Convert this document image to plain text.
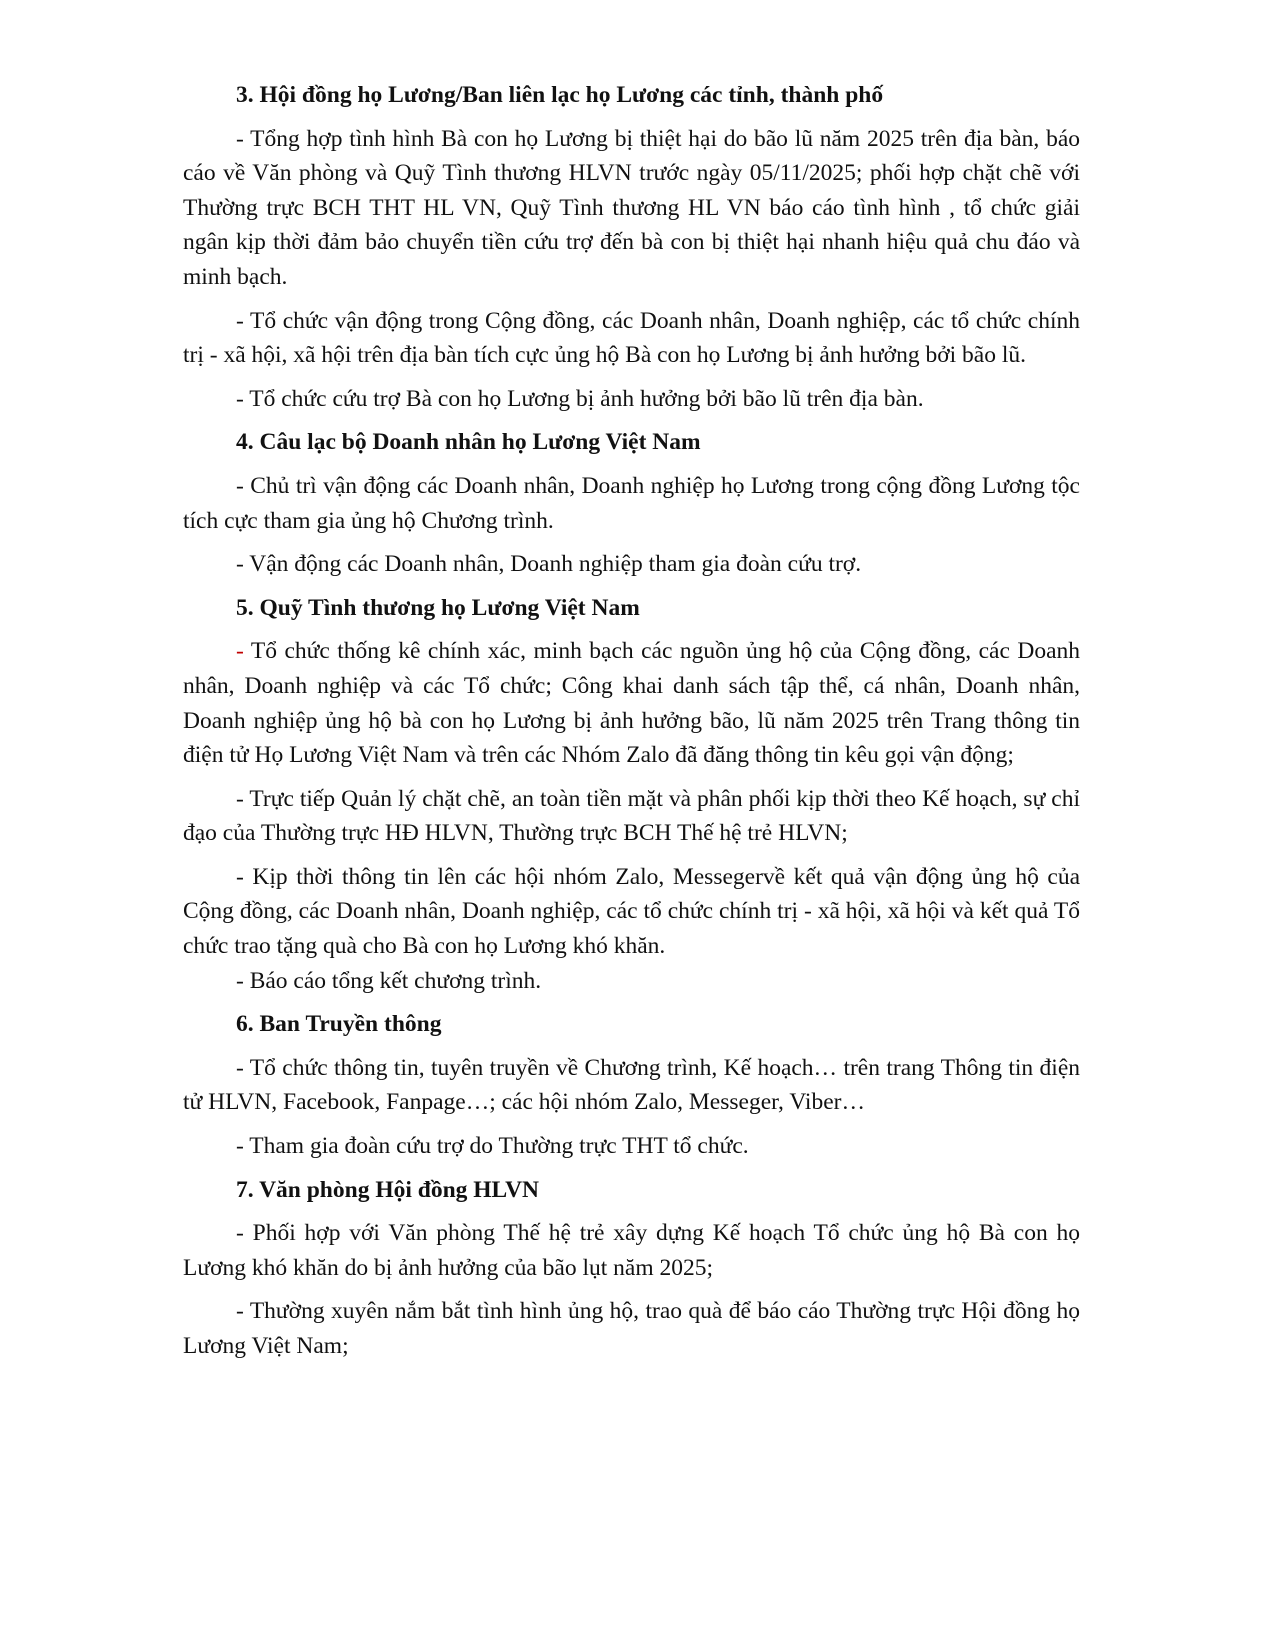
3. Hội đồng họ Lương/Ban liên lạc họ Lương các tỉnh, thành phố
- Tổng hợp tình hình Bà con họ Lương bị thiệt hại do bão lũ năm 2025 trên địa bàn, báo cáo về Văn phòng và Quỹ Tình thương HLVN trước ngày 05/11/2025; phối hợp chặt chẽ với Thường trực BCH THT HL VN, Quỹ Tình thương HL VN báo cáo tình hình , tổ chức giải ngân kịp thời đảm bảo chuyển tiền cứu trợ đến bà con bị thiệt hại nhanh hiệu quả chu đáo và minh bạch.
- Tổ chức vận động trong Cộng đồng, các Doanh nhân, Doanh nghiệp, các tổ chức chính trị - xã hội, xã hội trên địa bàn tích cực ủng hộ Bà con họ Lương bị ảnh hưởng bởi bão lũ.
- Tổ chức cứu trợ Bà con họ Lương bị ảnh hưởng bởi bão lũ trên địa bàn.
4. Câu lạc bộ Doanh nhân họ Lương Việt Nam
- Chủ trì vận động các Doanh nhân, Doanh nghiệp họ Lương trong cộng đồng Lương tộc tích cực tham gia ủng hộ Chương trình.
- Vận động các Doanh nhân, Doanh nghiệp tham gia đoàn cứu trợ.
5. Quỹ Tình thương họ Lương Việt Nam
- Tổ chức thống kê chính xác, minh bạch các nguồn ủng hộ của Cộng đồng, các Doanh nhân, Doanh nghiệp và các Tổ chức; Công khai danh sách tập thể, cá nhân, Doanh nhân, Doanh nghiệp ủng hộ bà con họ Lương bị ảnh hưởng bão, lũ năm 2025 trên Trang thông tin điện tử Họ Lương Việt Nam và trên các Nhóm Zalo đã đăng thông tin kêu gọi vận động;
- Trực tiếp Quản lý chặt chẽ, an toàn tiền mặt và phân phối kịp thời theo Kế hoạch, sự chỉ đạo của Thường trực HĐ HLVN, Thường trực BCH Thế hệ trẻ HLVN;
- Kịp thời thông tin lên các hội nhóm Zalo, Messegervề kết quả vận động ủng hộ của Cộng đồng, các Doanh nhân, Doanh nghiệp, các tổ chức chính trị - xã hội, xã hội và kết quả Tổ chức trao tặng quà cho Bà con họ Lương khó khăn.
- Báo cáo tổng kết chương trình.
6. Ban Truyền thông
- Tổ chức thông tin, tuyên truyền về Chương trình, Kế hoạch… trên trang Thông tin điện tử HLVN, Facebook, Fanpage…; các hội nhóm Zalo, Messeger, Viber…
- Tham gia đoàn cứu trợ do Thường trực THT tổ chức.
7. Văn phòng Hội đồng HLVN
- Phối hợp với Văn phòng Thế hệ trẻ xây dựng Kế hoạch Tổ chức ủng hộ Bà con họ Lương khó khăn do bị ảnh hưởng của bão lụt năm 2025;
- Thường xuyên nắm bắt tình hình ủng hộ, trao quà để báo cáo Thường trực Hội đồng họ Lương Việt Nam;
